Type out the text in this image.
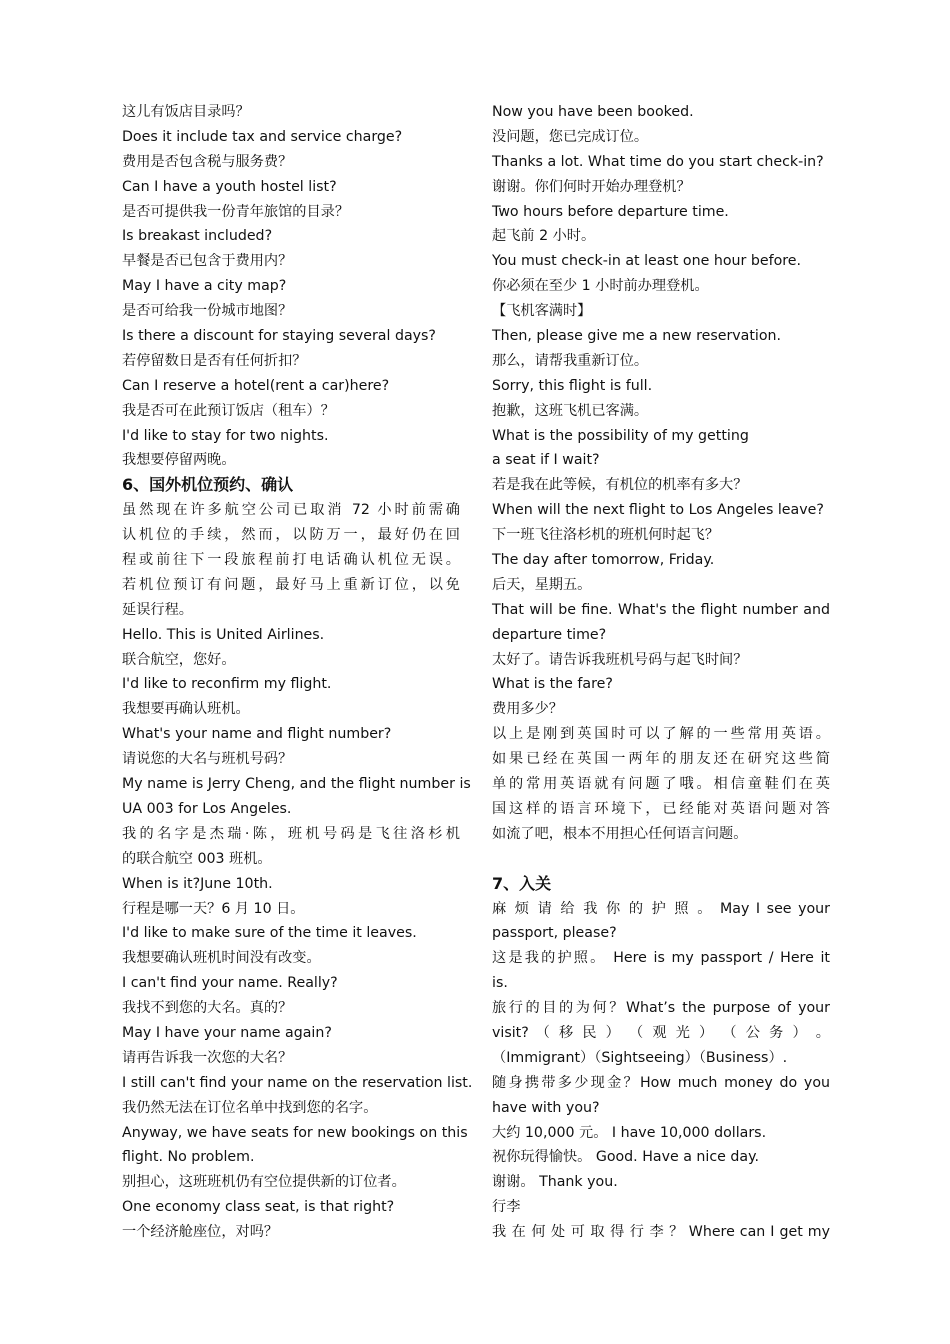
这儿有饭店目录吗？
Does it include tax and service charge?
费用是否包含税与服务费？
Can I have a youth hostel list?
是否可提供我一份青年旅馆的目录？
Is breakast included?
早餐是否已包含于费用内？
May I have a city map?
是否可给我一份城市地图？
Is there a discount for staying several days?
若停留数日是否有任何折扣？
Can I reserve a hotel(rent a car)here?
我是否可在此预订饭店（租车）？
I'd like to stay for two nights.
我想要停留两晚。
6、国外机位预约、确认
虽然现在许多航空公司已取消 72 小时前需确
认机位的手续，然而，以防万一，最好仍在回
程或前往下一段旅程前打电话确认机位无误。
若机位预订有问题，最好马上重新订位，以免
延误行程。
Hello. This is United Airlines.
联合航空，您好。
I'd like to reconfirm my flight.
我想要再确认班机。
What's your name and flight number?
请说您的大名与班机号码？
My name is Jerry Cheng, and the flight number is
UA 003 for Los Angeles.
我的名字是杰瑞·陈，班机号码是飞往洛杉机
的联合航空 003 班机。
When is it?June 10th.
行程是哪一天？6 月 10 日。
I'd like to make sure of the time it leaves.
我想要确认班机时间没有改变。
I can't find your name. Really?
我找不到您的大名。真的？
May I have your name again?
请再告诉我一次您的大名？
I still can't find your name on the reservation list.
我仍然无法在订位名单中找到您的名字。
Anyway, we have seats for new bookings on this
flight. No problem.
别担心，这班班机仍有空位提供新的订位者。
One economy class seat, is that right?
一个经济舱座位，对吗？
Now you have been booked.
没问题，您已完成订位。
Thanks a lot. What time do you start check-in?
谢谢。你们何时开始办理登机？
Two hours before departure time.
起飞前 2 小时。
You must check-in at least one hour before.
你必须在至少 1 小时前办理登机。
【飞机客满时】
Then, please give me a new reservation.
那么，请帮我重新订位。
Sorry, this flight is full.
抱歉，这班飞机已客满。
What is the possibility of my getting
a seat if I wait?
若是我在此等候，有机位的机率有多大？
When will the next flight to Los Angeles leave?
下一班飞往洛杉机的班机何时起飞？
The day after tomorrow, Friday.
后天，星期五。
That will be fine. What's the flight number and
departure time?
太好了。请告诉我班机号码与起飞时间？
What is the fare?
费用多少？
以上是刚到英国时可以了解的一些常用英语。
如果已经在英国一两年的朋友还在研究这些简
单的常用英语就有问题了哦。相信童鞋们在英
国这样的语言环境下，已经能对英语问题对答
如流了吧，根本不用担心任何语言问题。
7、入关
麻 烦 请 给 我 你 的 护 照 。 May I see your
passport, please?
这是我的护照。 Here is my passport / Here it
is.
旅行的目的为何？What’s the purpose of your
visit? （ 移 民 ） （ 观 光 ） （ 公 务 ） 。
（Immigrant）（Sightseeing）（Business）.
随身携带多少现金？How much money do you
have with you?
大约 10,000 元。 I have 10,000 dollars.
祝你玩得愉快。 Good. Have a nice day.
谢谢。 Thank you.
行李
我 在 何 处 可 取 得 行 李 ？ Where can I get my
